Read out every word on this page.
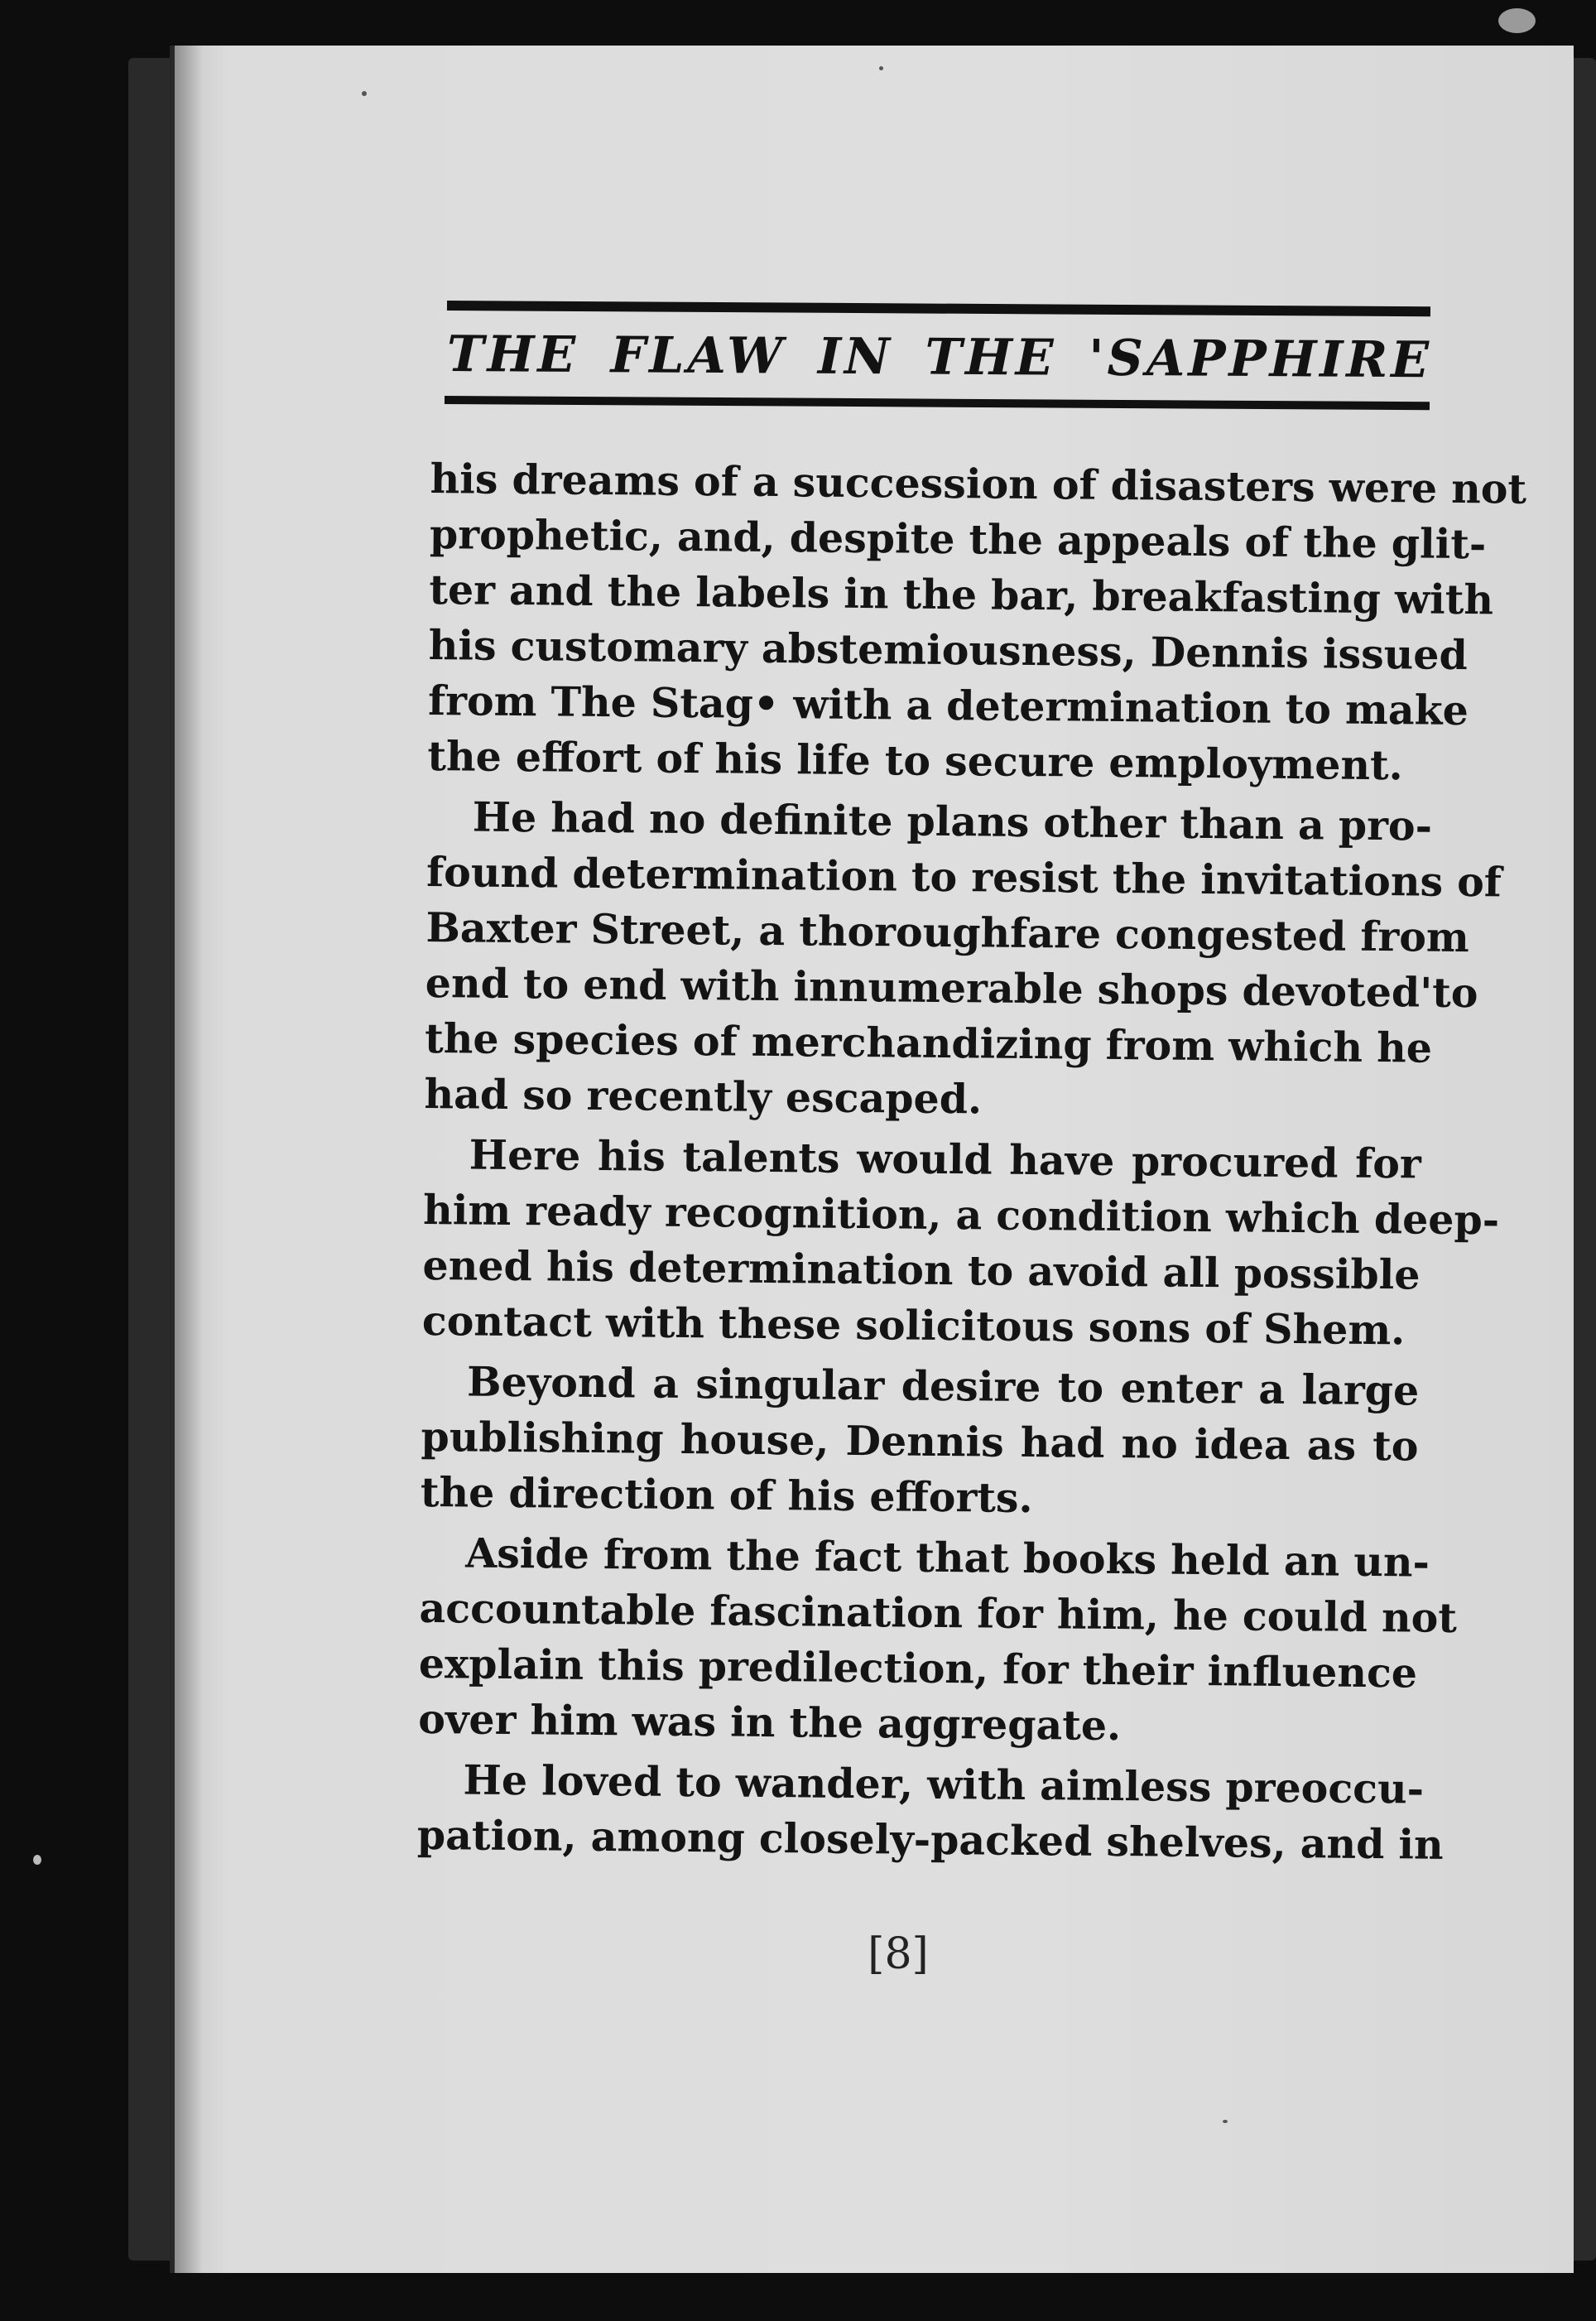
THE FLAW IN THE 'SAPPHIRE

his dreams of a succession of disasters were not
prophetic, and, despite the appeals of the glit-
ter and the labels in the bar, breakfasting with
his customary abstemiousness, Dennis issued
from The Stag• with a determination to make
the effort of his life to secure employment.

He had no definite plans other than a pro-
found determination to resist the invitations of
Baxter Street, a thoroughfare congested from
end to end with innumerable shops devoted'to
the species of merchandizing from which he
had so recently escaped.

Here his talents would have procured for
him ready recognition, a condition which deep-
ened his determination to avoid all possible
contact with these solicitous sons of Shem.

Beyond a singular desire to enter a large
publishing house, Dennis had no idea as to
the direction of his efforts.

Aside from the fact that books held an un-
accountable fascination for him, he could not
explain this predilection, for their influence
over him was in the aggregate.

He loved to wander, with aimless preoccu-
pation, among closely-packed shelves, and in

[8]
